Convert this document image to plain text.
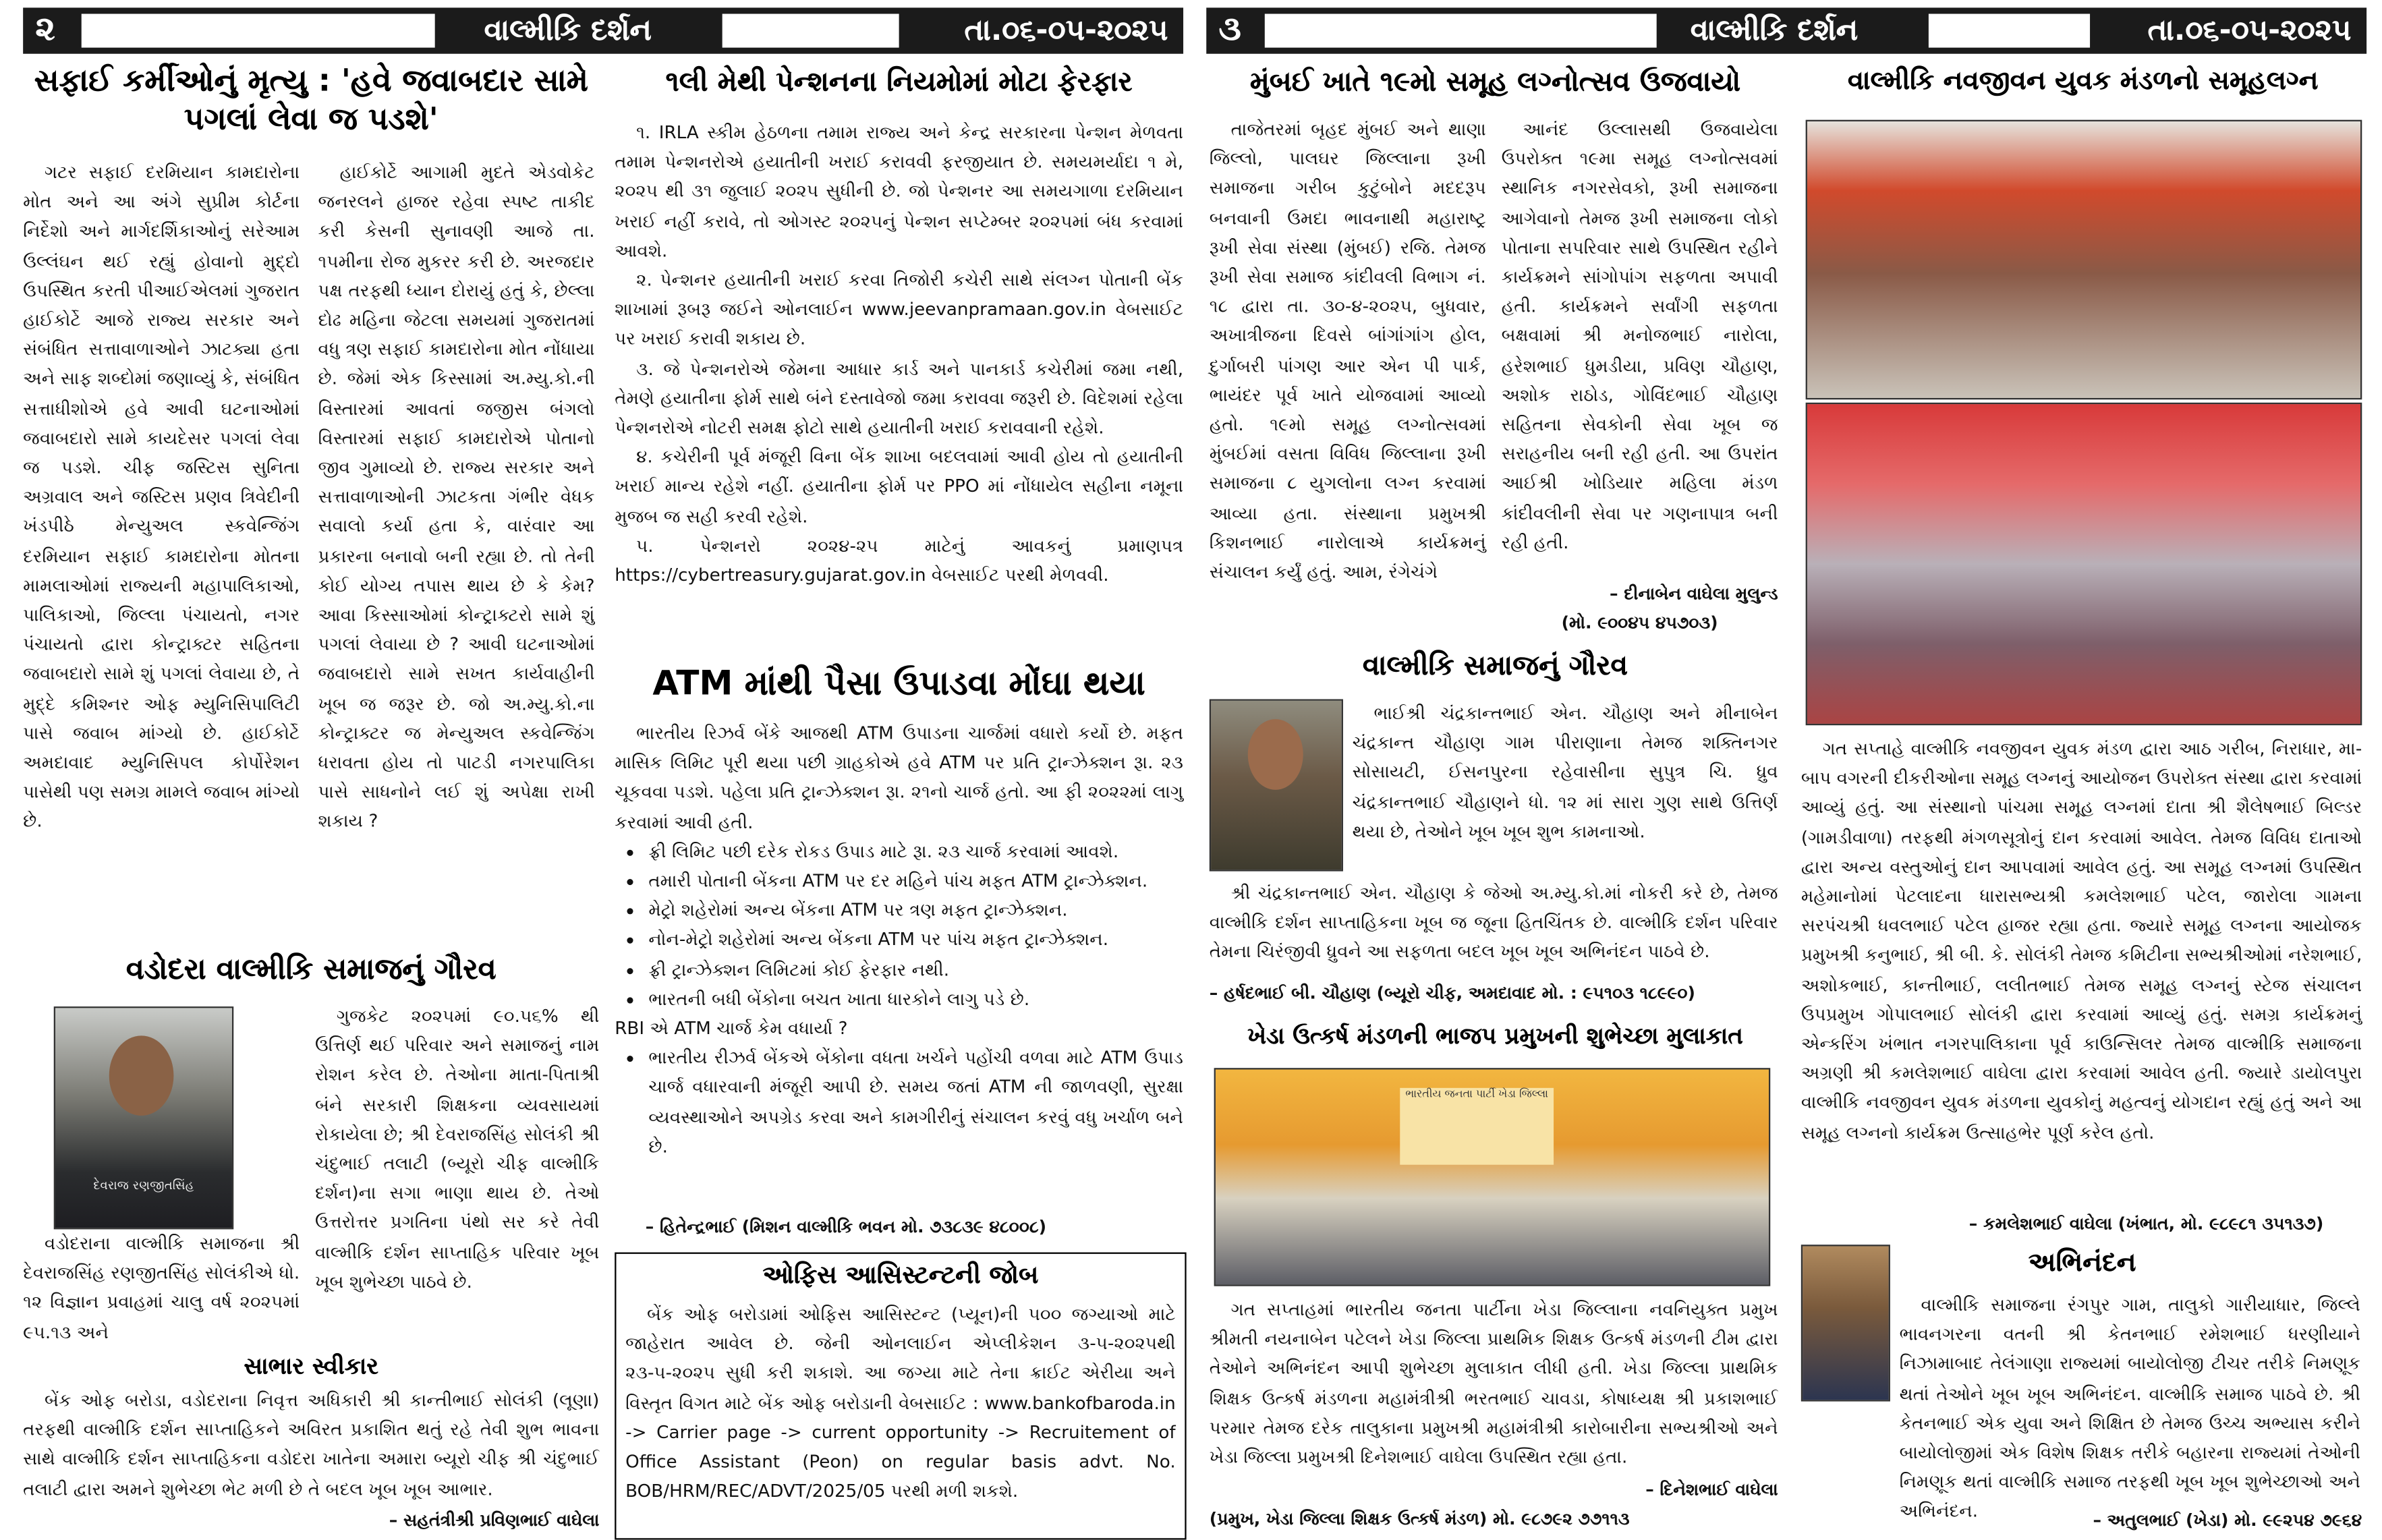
૨	વાલ્મીકિ દર્શન	તા.૦૬-૦૫-૨૦૨૫	૩	વાલ્મીકિ દર્શન	તા.૦૬-૦૫-૨૦૨૫
સફાઈ કર્મીઓનું મૃત્યુ : 'હવે જવાબદાર સામે પગલાં લેવા જ પડશે'

ગટર સફાઈ દરમિયાન કામદારોના મોત અને આ અંગે સુપ્રીમ કોર્ટના નિર્દેશો અને માર્ગદર્શિકાઓનું સરેઆમ ઉલ્લંઘન થઈ રહ્યું હોવાનો મુદ્દો ઉપસ્થિત કરતી પીઆઈએલમાં ગુજરાત હાઈકોર્ટે આજે રાજ્ય સરકાર અને સંબંધિત સત્તાવાળાઓને ઝાટક્યા હતા અને સાફ શબ્દોમાં જણાવ્યું કે, સંબંધિત સત્તાધીશોએ હવે આવી ઘટનાઓમાં જવાબદારો સામે કાયદેસર પગલાં લેવા જ પડશે. ચીફ જસ્ટિસ સુનિતા અગ્રવાલ અને જસ્ટિસ પ્રણવ ત્રિવેદીની ખંડપીઠે મેન્યુઅલ સ્કવેન્જિંગ દરમિયાન સફાઈ કામદારોના મોતના મામલાઓમાં રાજ્યની મહાપાલિકાઓ, પાલિકાઓ, જિલ્લા પંચાયતો, નગર પંચાયતો દ્વારા કોન્ટ્રાક્ટર સહિતના જવાબદારો સામે શું પગલાં લેવાયા છે, તે મુદ્દે કમિશ્નર ઓફ મ્યુનિસિપાલિટી પાસે જવાબ માંગ્યો છે. હાઈકોર્ટે અમદાવાદ મ્યુનિસિપલ કોર્પોરેશન પાસેથી પણ સમગ્ર મામલે જવાબ માંગ્યો છે.

હાઈકોર્ટે આગામી મુદતે એડવોકેટ જનરલને હાજર રહેવા સ્પષ્ટ તાકીદ કરી કેસની સુનાવણી આજે તા. ૧૫મીના રોજ મુકરર કરી છે. અરજદાર પક્ષ તરફથી ધ્યાન દોરાયું હતું કે, છેલ્લા દોઢ મહિના જેટલા સમયમાં ગુજરાતમાં વધુ ત્રણ સફાઈ કામદારોના મોત નોંધાયા છે. જેમાં એક કિસ્સામાં અ.મ્યુ.કો.ની વિસ્તારમાં આવતાં જજીસ બંગલો વિસ્તારમાં સફાઈ કામદારોએ પોતાનો જીવ ગુમાવ્યો છે. રાજ્ય સરકાર અને સત્તાવાળાઓની ઝાટકતા ગંભીર વેધક સવાલો કર્યા હતા કે, વારંવાર આ પ્રકારના બનાવો બની રહ્યા છે. તો તેની કોઈ યોગ્ય તપાસ થાય છે કે કેમ? આવા કિસ્સાઓમાં કોન્ટ્રાક્ટરો સામે શું પગલાં લેવાયા છે ? આવી ઘટનાઓમાં જવાબદારો સામે સખત કાર્યવાહીની ખૂબ જ જરૂર છે. જો અ.મ્યુ.કો.ના કોન્ટ્રાક્ટર જ મેન્યુઅલ સ્કવેન્જિંગ ધરાવતા હોય તો પાટડી નગરપાલિકા પાસે સાધનોને લઈ શું અપેક્ષા રાખી શકાય ?

વડોદરા વાલ્મીકિ સમાજનું ગૌરવ
દેવરાજ રણજીતસિંહ

ગુજકેટ ૨૦૨૫માં ૯૦.૫૬% થી ઉત્તિર્ણ થઈ પરિવાર અને સમાજનું નામ રોશન કરેલ છે. તેઓના માતા-પિતાશ્રી બંને સરકારી શિક્ષકના વ્યવસાયમાં રોકાયેલા છે; શ્રી દેવરાજસિંહ સોલંકી શ્રી ચંદુભાઈ તલાટી (બ્યૂરો ચીફ વાલ્મીકિ દર્શન)ના સગા ભાણા થાય છે. તેઓ ઉત્તરોત્તર પ્રગતિના પંથો સર કરે તેવી વાલ્મીકિ દર્શન સાપ્તાહિક પરિવાર ખૂબ ખૂબ શુભેચ્છા પાઠવે છે.

વડોદરાના વાલ્મીકિ સમાજના શ્રી દેવરાજસિંહ રણજીતસિંહ સોલંકીએ ધો. ૧૨ વિજ્ઞાન પ્રવાહમાં ચાલુ વર્ષ ૨૦૨૫માં ૯૫.૧૩ અને

સાભાર સ્વીકાર

બેંક ઓફ બરોડા, વડોદરાના નિવૃત્ત અધિકારી શ્રી કાન્તીભાઈ સોલંકી (લૂણા) તરફથી વાલ્મીકિ દર્શન સાપ્તાહિકને અવિરત પ્રકાશિત થતું રહે તેવી શુભ ભાવના સાથે વાલ્મીકિ દર્શન સાપ્તાહિકના વડોદરા ખાતેના અમારા બ્યૂરો ચીફ શ્રી ચંદુભાઈ તલાટી દ્વારા અમને શુભેચ્છા ભેટ મળી છે તે બદલ ખૂબ ખૂબ આભાર.

– સહતંત્રીશ્રી પ્રવિણભાઈ વાઘેલા
૧લી મેથી પેન્શનના નિયમોમાં મોટા ફેરફાર

૧. IRLA સ્કીમ હેઠળના તમામ રાજ્ય અને કેન્દ્ર સરકારના પેન્શન મેળવતા તમામ પેન્શનરોએ હયાતીની ખરાઈ કરાવવી ફરજીયાત છે. સમયમર્યાદા ૧ મે, ૨૦૨૫ થી ૩૧ જુલાઈ ૨૦૨૫ સુધીની છે. જો પેન્શનર આ સમયગાળા દરમિયાન ખરાઈ નહીં કરાવે, તો ઓગસ્ટ ૨૦૨૫નું પેન્શન સપ્ટેમ્બર ૨૦૨૫માં બંધ કરવામાં આવશે.

૨. પેન્શનર હયાતીની ખરાઈ કરવા તિજોરી કચેરી સાથે સંલગ્ન પોતાની બેંક શાખામાં રૂબરૂ જઈને ઓનલાઈન www.jeevanpramaan.gov.in વેબસાઈટ પર ખરાઈ કરાવી શકાય છે.

૩. જે પેન્શનરોએ જેમના આધાર કાર્ડ અને પાનકાર્ડ કચેરીમાં જમા નથી, તેમણે હયાતીના ફોર્મ સાથે બંને દસ્તાવેજો જમા કરાવવા જરૂરી છે. વિદેશમાં રહેલા પેન્શનરોએ નોટરી સમક્ષ ફોટો સાથે હયાતીની ખરાઈ કરાવવાની રહેશે.

૪. કચેરીની પૂર્વ મંજૂરી વિના બેંક શાખા બદલવામાં આવી હોય તો હયાતીની ખરાઈ માન્ય રહેશે નહીં. હયાતીના ફોર્મ પર PPO માં નોંધાયેલ સહીના નમૂના મુજબ જ સહી કરવી રહેશે.

૫. પેન્શનરો ૨૦૨૪-૨૫ માટેનું આવકનું પ્રમાણપત્ર https://cybertreasury.gujarat.gov.in વેબસાઈટ પરથી મેળવવી.

ATM માંથી પૈસા ઉપાડવા મોંઘા થયા

ભારતીય રિઝર્વ બેંકે આજથી ATM ઉપાડના ચાર્જમાં વધારો કર્યો છે. મફત માસિક લિમિટ પૂરી થયા પછી ગ્રાહકોએ હવે ATM પર પ્રતિ ટ્રાન્ઝેક્શન રૂા. ૨૩ ચૂકવવા પડશે. પહેલા પ્રતિ ટ્રાન્ઝેક્શન રૂા. ૨૧નો ચાર્જ હતો. આ ફી ૨૦૨૨માં લાગુ કરવામાં આવી હતી.

• ફ્રી લિમિટ પછી દરેક રોકડ ઉપાડ માટે રૂા. ૨૩ ચાર્જ કરવામાં આવશે.
• તમારી પોતાની બેંકના ATM પર દર મહિને પાંચ મફત ATM ટ્રાન્ઝેક્શન.
• મેટ્રો શહેરોમાં અન્ય બેંકના ATM પર ત્રણ મફત ટ્રાન્ઝેક્શન.
• નોન-મેટ્રો શહેરોમાં અન્ય બેંકના ATM પર પાંચ મફત ટ્રાન્ઝેક્શન.
• ફ્રી ટ્રાન્ઝેક્શન લિમિટમાં કોઈ ફેરફાર નથી.
• ભારતની બધી બેંકોના બચત ખાતા ધારકોને લાગુ પડે છે.
RBI એ ATM ચાર્જ કેમ વધાર્યા ?
• ભારતીય રીઝર્વ બેંકએ બેંકોના વધતા ખર્ચને પહોંચી વળવા માટે ATM ઉપાડ ચાર્જ વધારવાની મંજૂરી આપી છે. સમય જતાં ATM ની જાળવણી, સુરક્ષા વ્યવસ્થાઓને અપગ્રેડ કરવા અને કામગીરીનું સંચાલન કરવું વધુ ખર્ચાળ બને છે.
– હિતેન્દ્રભાઈ (મિશન વાલ્મીકિ ભવન મો. ૭૩૮૩૯ ૪૮૦૦૮)
ઓફિસ આસિસ્ટન્ટની જોબ

બેંક ઓફ બરોડામાં ઓફિસ આસિસ્ટન્ટ (પ્યૂન)ની ૫૦૦ જગ્યાઓ માટે જાહેરાત આવેલ છે. જેની ઓનલાઈન એપ્લીકેશન ૩-૫-૨૦૨૫થી ૨૩-૫-૨૦૨૫ સુધી કરી શકાશે. આ જગ્યા માટે તેના ક્રાઈટ એરીયા અને વિસ્તૃત વિગત માટે બેંક ઓફ બરોડાની વેબસાઈટ : www.bankofbaroda.in -> Carrier page -> current opportunity -> Recruitement of Office Assistant (Peon) on regular basis advt. No. BOB/HRM/REC/ADVT/2025/05 પરથી મળી શકશે.

મુંબઈ ખાતે ૧૯મો સમૂહ લગ્નોત્સવ ઉજવાયો

તાજેતરમાં બૃહદ મુંબઈ અને થાણા જિલ્લો, પાલઘર જિલ્લાના રૂખી સમાજના ગરીબ કુટુંબોને મદદરૂપ બનવાની ઉમદા ભાવનાથી મહારાષ્ટ્ર રૂખી સેવા સંસ્થા (મુંબઈ) રજિ. તેમજ રૂખી સેવા સમાજ કાંદીવલી વિભાગ નં. ૧૮ દ્વારા તા. ૩૦-૪-૨૦૨૫, બુધવાર, અખાત્રીજના દિવસે બાંગાંગાંગ હોલ, દુર્ગાબરી પાંગણ આર એન પી પાર્ક, ભાયંદર પૂર્વ ખાતે યોજવામાં આવ્યો હતો. ૧૯મો સમૂહ લગ્નોત્સવમાં મુંબઈમાં વસતા વિવિધ જિલ્લાના રૂખી સમાજના ૮ યુગલોના લગ્ન કરવામાં આવ્યા હતા. સંસ્થાના પ્રમુખશ્રી કિશનભાઈ નારોલાએ કાર્યક્રમનું સંચાલન કર્યું હતું. આમ, રંગેચંગે

આનંદ ઉલ્લાસથી ઉજવાયેલા ઉપરોક્ત ૧૯મા સમૂહ લગ્નોત્સવમાં સ્થાનિક નગરસેવકો, રૂખી સમાજના આગેવાનો તેમજ રૂખી સમાજના લોકો પોતાના સપરિવાર સાથે ઉપસ્થિત રહીને કાર્યક્રમને સાંગોપાંગ સફળતા અપાવી હતી. કાર્યક્રમને સર્વાંગી સફળતા બક્ષવામાં શ્રી મનોજભાઈ નારોલા, હરેશભાઈ ધુમડીયા, પ્રવિણ ચૌહાણ, અશોક રાઠોડ, ગોવિંદભાઈ ચૌહાણ સહિતના સેવકોની સેવા ખૂબ જ સરાહનીય બની રહી હતી. આ ઉપરાંત આઈશ્રી ખોડિયાર મહિલા મંડળ કાંદીવલીની સેવા પર ગણનાપાત્ર બની રહી હતી.

– દીનાબેન વાઘેલા મુલુન્ડ
(મો. ૯૦૦૪૫ ૪૫૭૦૩)
વાલ્મીકિ સમાજનું ગૌરવ

ભાઈશ્રી ચંદ્રકાન્તભાઈ એન. ચૌહાણ અને મીનાબેન ચંદ્રકાન્ત ચૌહાણ ગામ પીરાણાના તેમજ શક્તિનગર સોસાયટી, ઈસનપુરના રહેવાસીના સુપુત્ર ચિ. ધ્રુવ ચંદ્રકાન્તભાઈ ચૌહાણને ધો. ૧૨ માં સારા ગુણ સાથે ઉત્તિર્ણ થયા છે, તેઓને ખૂબ ખૂબ શુભ કામનાઓ.

શ્રી ચંદ્રકાન્તભાઈ એન. ચૌહાણ કે જેઓ અ.મ્યુ.કો.માં નોકરી કરે છે, તેમજ વાલ્મીકિ દર્શન સાપ્તાહિકના ખૂબ જ જૂના હિતચિંતક છે. વાલ્મીકિ દર્શન પરિવાર તેમના ચિરંજીવી ધ્રુવને આ સફળતા બદલ ખૂબ ખૂબ અભિનંદન પાઠવે છે.

– હર્ષદભાઈ બી. ચૌહાણ (બ્યૂરો ચીફ, અમદાવાદ મો. : ૯૫૧૦૩ ૧૮૯૯૦)
ખેડા ઉત્કર્ષ મંડળની ભાજપ પ્રમુખની શુભેચ્છા મુલાકાત
ભારતીય જનતા પાર્ટી ખેડા જિલ્લા

ગત સપ્તાહમાં ભારતીય જનતા પાર્ટીના ખેડા જિલ્લાના નવનિયુક્ત પ્રમુખ શ્રીમતી નયનાબેન પટેલને ખેડા જિલ્લા પ્રાથમિક શિક્ષક ઉત્કર્ષ મંડળની ટીમ દ્વારા તેઓને અભિનંદન આપી શુભેચ્છા મુલાકાત લીધી હતી. ખેડા જિલ્લા પ્રાથમિક શિક્ષક ઉત્કર્ષ મંડળના મહામંત્રીશ્રી ભરતભાઈ ચાવડા, કોષાધ્યક્ષ શ્રી પ્રકાશભાઈ પરમાર તેમજ દરેક તાલુકાના પ્રમુખશ્રી મહામંત્રીશ્રી કારોબારીના સભ્યશ્રીઓ અને ખેડા જિલ્લા પ્રમુખશ્રી દિનેશભાઈ વાઘેલા ઉપસ્થિત રહ્યા હતા.

– દિનેશભાઈ વાઘેલા
(પ્રમુખ, ખેડા જિલ્લા શિક્ષક ઉત્કર્ષ મંડળ) મો. ૯૮૭૯૨ ૭૭૧૧૩
વાલ્મીકિ નવજીવન યુવક મંડળનો સમૂહલગ્ન

ગત સપ્તાહે વાલ્મીકિ નવજીવન યુવક મંડળ દ્વારા આઠ ગરીબ, નિરાધાર, મા-બાપ વગરની દીકરીઓના સમૂહ લગ્નનું આયોજન ઉપરોક્ત સંસ્થા દ્વારા કરવામાં આવ્યું હતું. આ સંસ્થાનો પાંચમા સમૂહ લગ્નમાં દાતા શ્રી શૈલેષભાઈ બિલ્ડર (ગામડીવાળા) તરફથી મંગળસૂત્રોનું દાન કરવામાં આવેલ. તેમજ વિવિધ દાતાઓ દ્વારા અન્ય વસ્તુઓનું દાન આપવામાં આવેલ હતું. આ સમૂહ લગ્નમાં ઉપસ્થિત મહેમાનોમાં પેટલાદના ધારાસભ્યશ્રી કમલેશભાઈ પટેલ, જારોલા ગામના સરપંચશ્રી ધવલભાઈ પટેલ હાજર રહ્યા હતા. જ્યારે સમૂહ લગ્નના આયોજક પ્રમુખશ્રી કનુભાઈ, શ્રી બી. કે. સોલંકી તેમજ કમિટીના સભ્યશ્રીઓમાં નરેશભાઈ, અશોકભાઈ, કાન્તીભાઈ, લલીતભાઈ તેમજ સમૂહ લગ્નનું સ્ટેજ સંચાલન ઉપપ્રમુખ ગોપાલભાઈ સોલંકી દ્વારા કરવામાં આવ્યું હતું. સમગ્ર કાર્યક્રમનું એન્કરિંગ ખંભાત નગરપાલિકાના પૂર્વ કાઉન્સિલર તેમજ વાલ્મીકિ સમાજના અગ્રણી શ્રી કમલેશભાઈ વાઘેલા દ્વારા કરવામાં આવેલ હતી. જ્યારે ડાયોલપુરા વાલ્મીકિ નવજીવન યુવક મંડળના યુવકોનું મહત્વનું યોગદાન રહ્યું હતું અને આ સમૂહ લગ્નનો કાર્યક્રમ ઉત્સાહભેર પૂર્ણ કરેલ હતો.

– કમલેશભાઈ વાઘેલા (ખંભાત, મો. ૯૮૯૮૧ ૩૫૧૩૭)
અભિનંદન

વાલ્મીકિ સમાજના રંગપુર ગામ, તાલુકો ગારીયાધાર, જિલ્લે ભાવનગરના વતની શ્રી કેતનભાઈ રમેશભાઈ ધરણીયાને નિઝામાબાદ તેલંગાણા રાજ્યમાં બાયોલોજી ટીચર તરીકે નિમણૂક થતાં તેઓને ખૂબ ખૂબ અભિનંદન. વાલ્મીકિ સમાજ પાઠવે છે. શ્રી કેતનભાઈ એક યુવા અને શિક્ષિત છે તેમજ ઉચ્ચ અભ્યાસ કરીને બાયોલોજીમાં એક વિશેષ શિક્ષક તરીકે બહારના રાજ્યમાં તેઓની નિમણૂક થતાં વાલ્મીકિ સમાજ તરફથી ખૂબ ખૂબ શુભેચ્છાઓ અને અભિનંદન.	– અતુલભાઈ (ખેડા) મો. ૯૯૨૫૪ ૭૯૬૪
